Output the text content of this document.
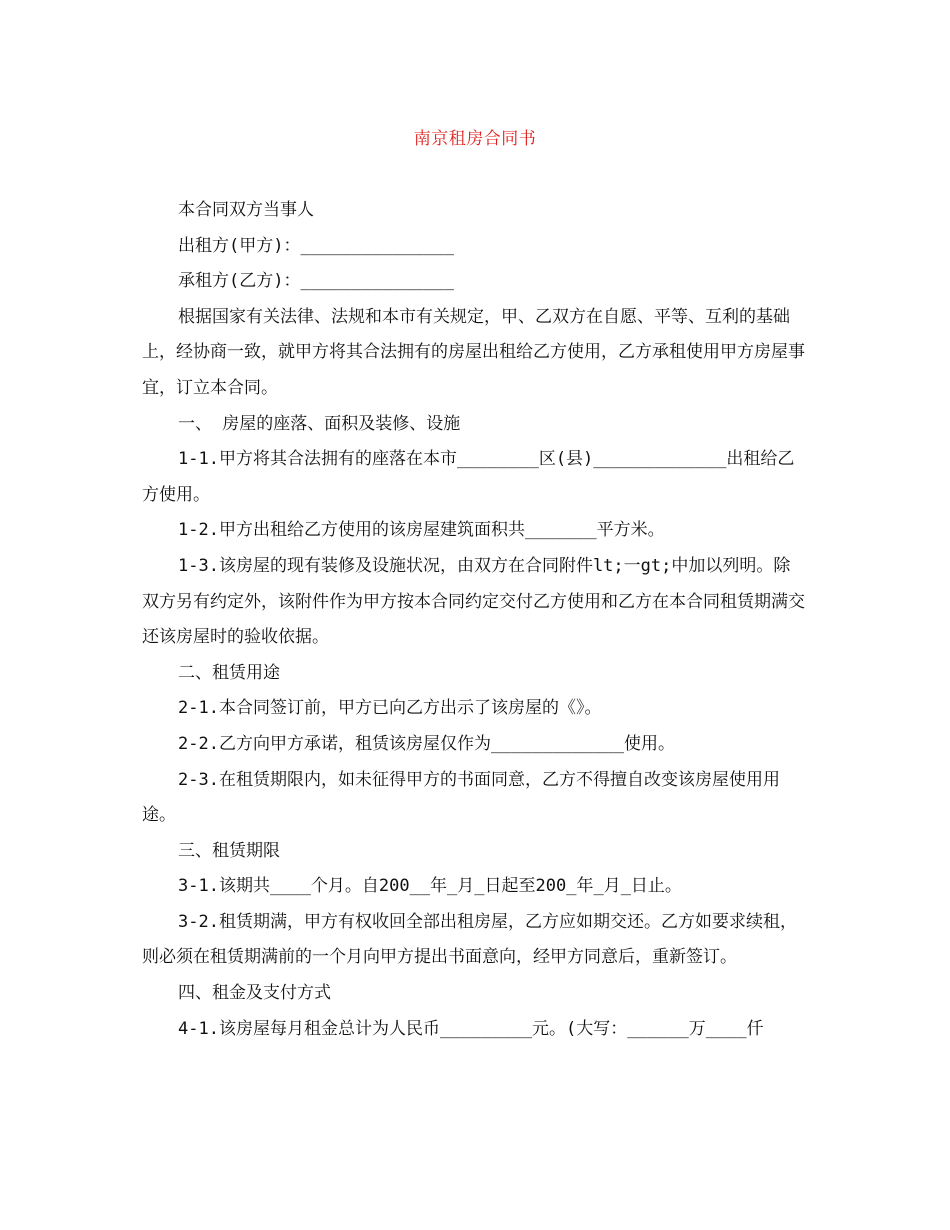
南京租房合同书

本合同双方当事人

出租方(甲方)：_______________

承租方(乙方)：_______________

根据国家有关法律、法规和本市有关规定，甲、乙双方在自愿、平等、互利的基础上，经协商一致，就甲方将其合法拥有的房屋出租给乙方使用，乙方承租使用甲方房屋事宜，订立本合同。

一、 房屋的座落、面积及装修、设施

1-1.甲方将其合法拥有的座落在本市________区(县)_____________出租给乙方使用。

1-2.甲方出租给乙方使用的该房屋建筑面积共_______平方米。

1-3.该房屋的现有装修及设施状况，由双方在合同附件lt;一gt;中加以列明。除双方另有约定外，该附件作为甲方按本合同约定交付乙方使用和乙方在本合同租赁期满交还该房屋时的验收依据。

二、租赁用途

2-1.本合同签订前，甲方已向乙方出示了该房屋的《》。

2-2.乙方向甲方承诺，租赁该房屋仅作为_____________使用。

2-3.在租赁期限内，如未征得甲方的书面同意，乙方不得擅自改变该房屋使用用途。

三、租赁期限

3-1.该期共____个月。自200__年_月_日起至200_年_月_日止。

3-2.租赁期满，甲方有权收回全部出租房屋，乙方应如期交还。乙方如要求续租，则必须在租赁期满前的一个月向甲方提出书面意向，经甲方同意后，重新签订。

四、租金及支付方式

4-1.该房屋每月租金总计为人民币_________元。(大写：______万____仟
